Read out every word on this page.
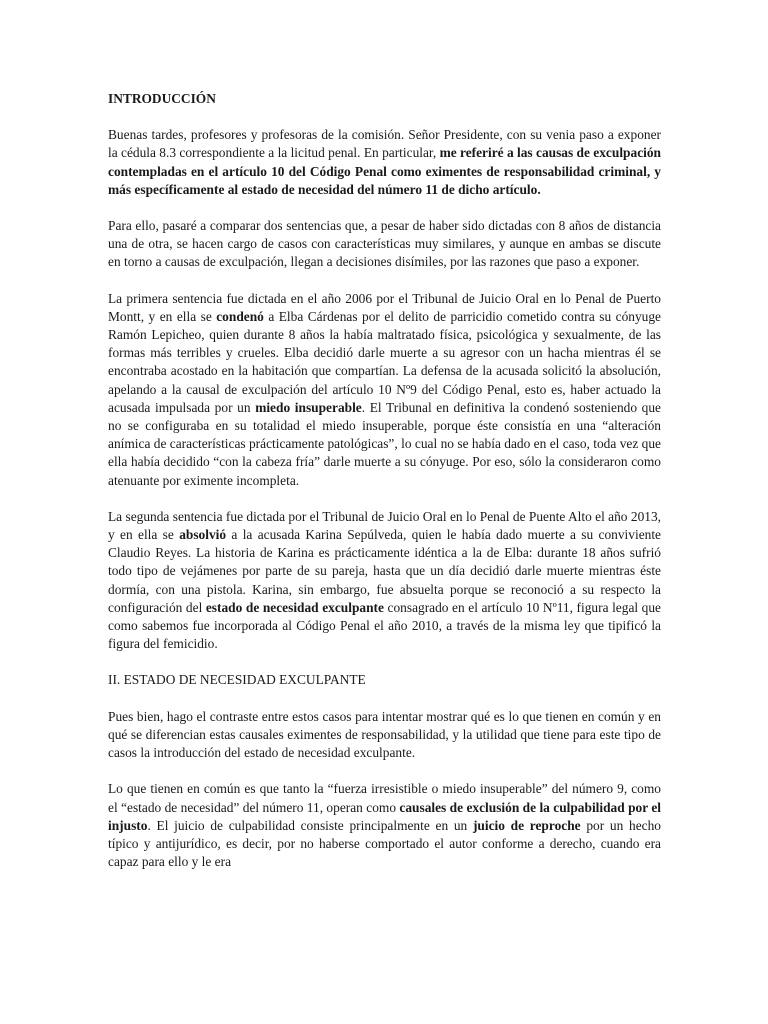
INTRODUCCIÓN

Buenas tardes, profesores y profesoras de la comisión. Señor Presidente, con su venia paso a exponer la cédula 8.3 correspondiente a la licitud penal. En particular, me referiré a las causas de exculpación contempladas en el artículo 10 del Código Penal como eximentes de responsabilidad criminal, y más específicamente al estado de necesidad del número 11 de dicho artículo.

Para ello, pasaré a comparar dos sentencias que, a pesar de haber sido dictadas con 8 años de distancia una de otra, se hacen cargo de casos con características muy similares, y aunque en ambas se discute en torno a causas de exculpación, llegan a decisiones disímiles, por las razones que paso a exponer.

La primera sentencia fue dictada en el año 2006 por el Tribunal de Juicio Oral en lo Penal de Puerto Montt, y en ella se condenó a Elba Cárdenas por el delito de parricidio cometido contra su cónyuge Ramón Lepicheo, quien durante 8 años la había maltratado física, psicológica y sexualmente, de las formas más terribles y crueles. Elba decidió darle muerte a su agresor con un hacha mientras él se encontraba acostado en la habitación que compartían. La defensa de la acusada solicitó la absolución, apelando a la causal de exculpación del artículo 10 Nº9 del Código Penal, esto es, haber actuado la acusada impulsada por un miedo insuperable. El Tribunal en definitiva la condenó sosteniendo que no se configuraba en su totalidad el miedo insuperable, porque éste consistía en una “alteración anímica de características prácticamente patológicas”, lo cual no se había dado en el caso, toda vez que ella había decidido “con la cabeza fría” darle muerte a su cónyuge. Por eso, sólo la consideraron como atenuante por eximente incompleta.

La segunda sentencia fue dictada por el Tribunal de Juicio Oral en lo Penal de Puente Alto el año 2013, y en ella se absolvió a la acusada Karina Sepúlveda, quien le había dado muerte a su conviviente Claudio Reyes. La historia de Karina es prácticamente idéntica a la de Elba: durante 18 años sufrió todo tipo de vejámenes por parte de su pareja, hasta que un día decidió darle muerte mientras éste dormía, con una pistola. Karina, sin embargo, fue absuelta porque se reconoció a su respecto la configuración del estado de necesidad exculpante consagrado en el artículo 10 Nº11, figura legal que como sabemos fue incorporada al Código Penal el año 2010, a través de la misma ley que tipificó la figura del femicidio.

II. ESTADO DE NECESIDAD EXCULPANTE

Pues bien, hago el contraste entre estos casos para intentar mostrar qué es lo que tienen en común y en qué se diferencian estas causales eximentes de responsabilidad, y la utilidad que tiene para este tipo de casos la introducción del estado de necesidad exculpante.

Lo que tienen en común es que tanto la “fuerza irresistible o miedo insuperable” del número 9, como el “estado de necesidad” del número 11, operan como causales de exclusión de la culpabilidad por el injusto. El juicio de culpabilidad consiste principalmente en un juicio de reproche por un hecho típico y antijurídico, es decir, por no haberse comportado el autor conforme a derecho, cuando era capaz para ello y le era
